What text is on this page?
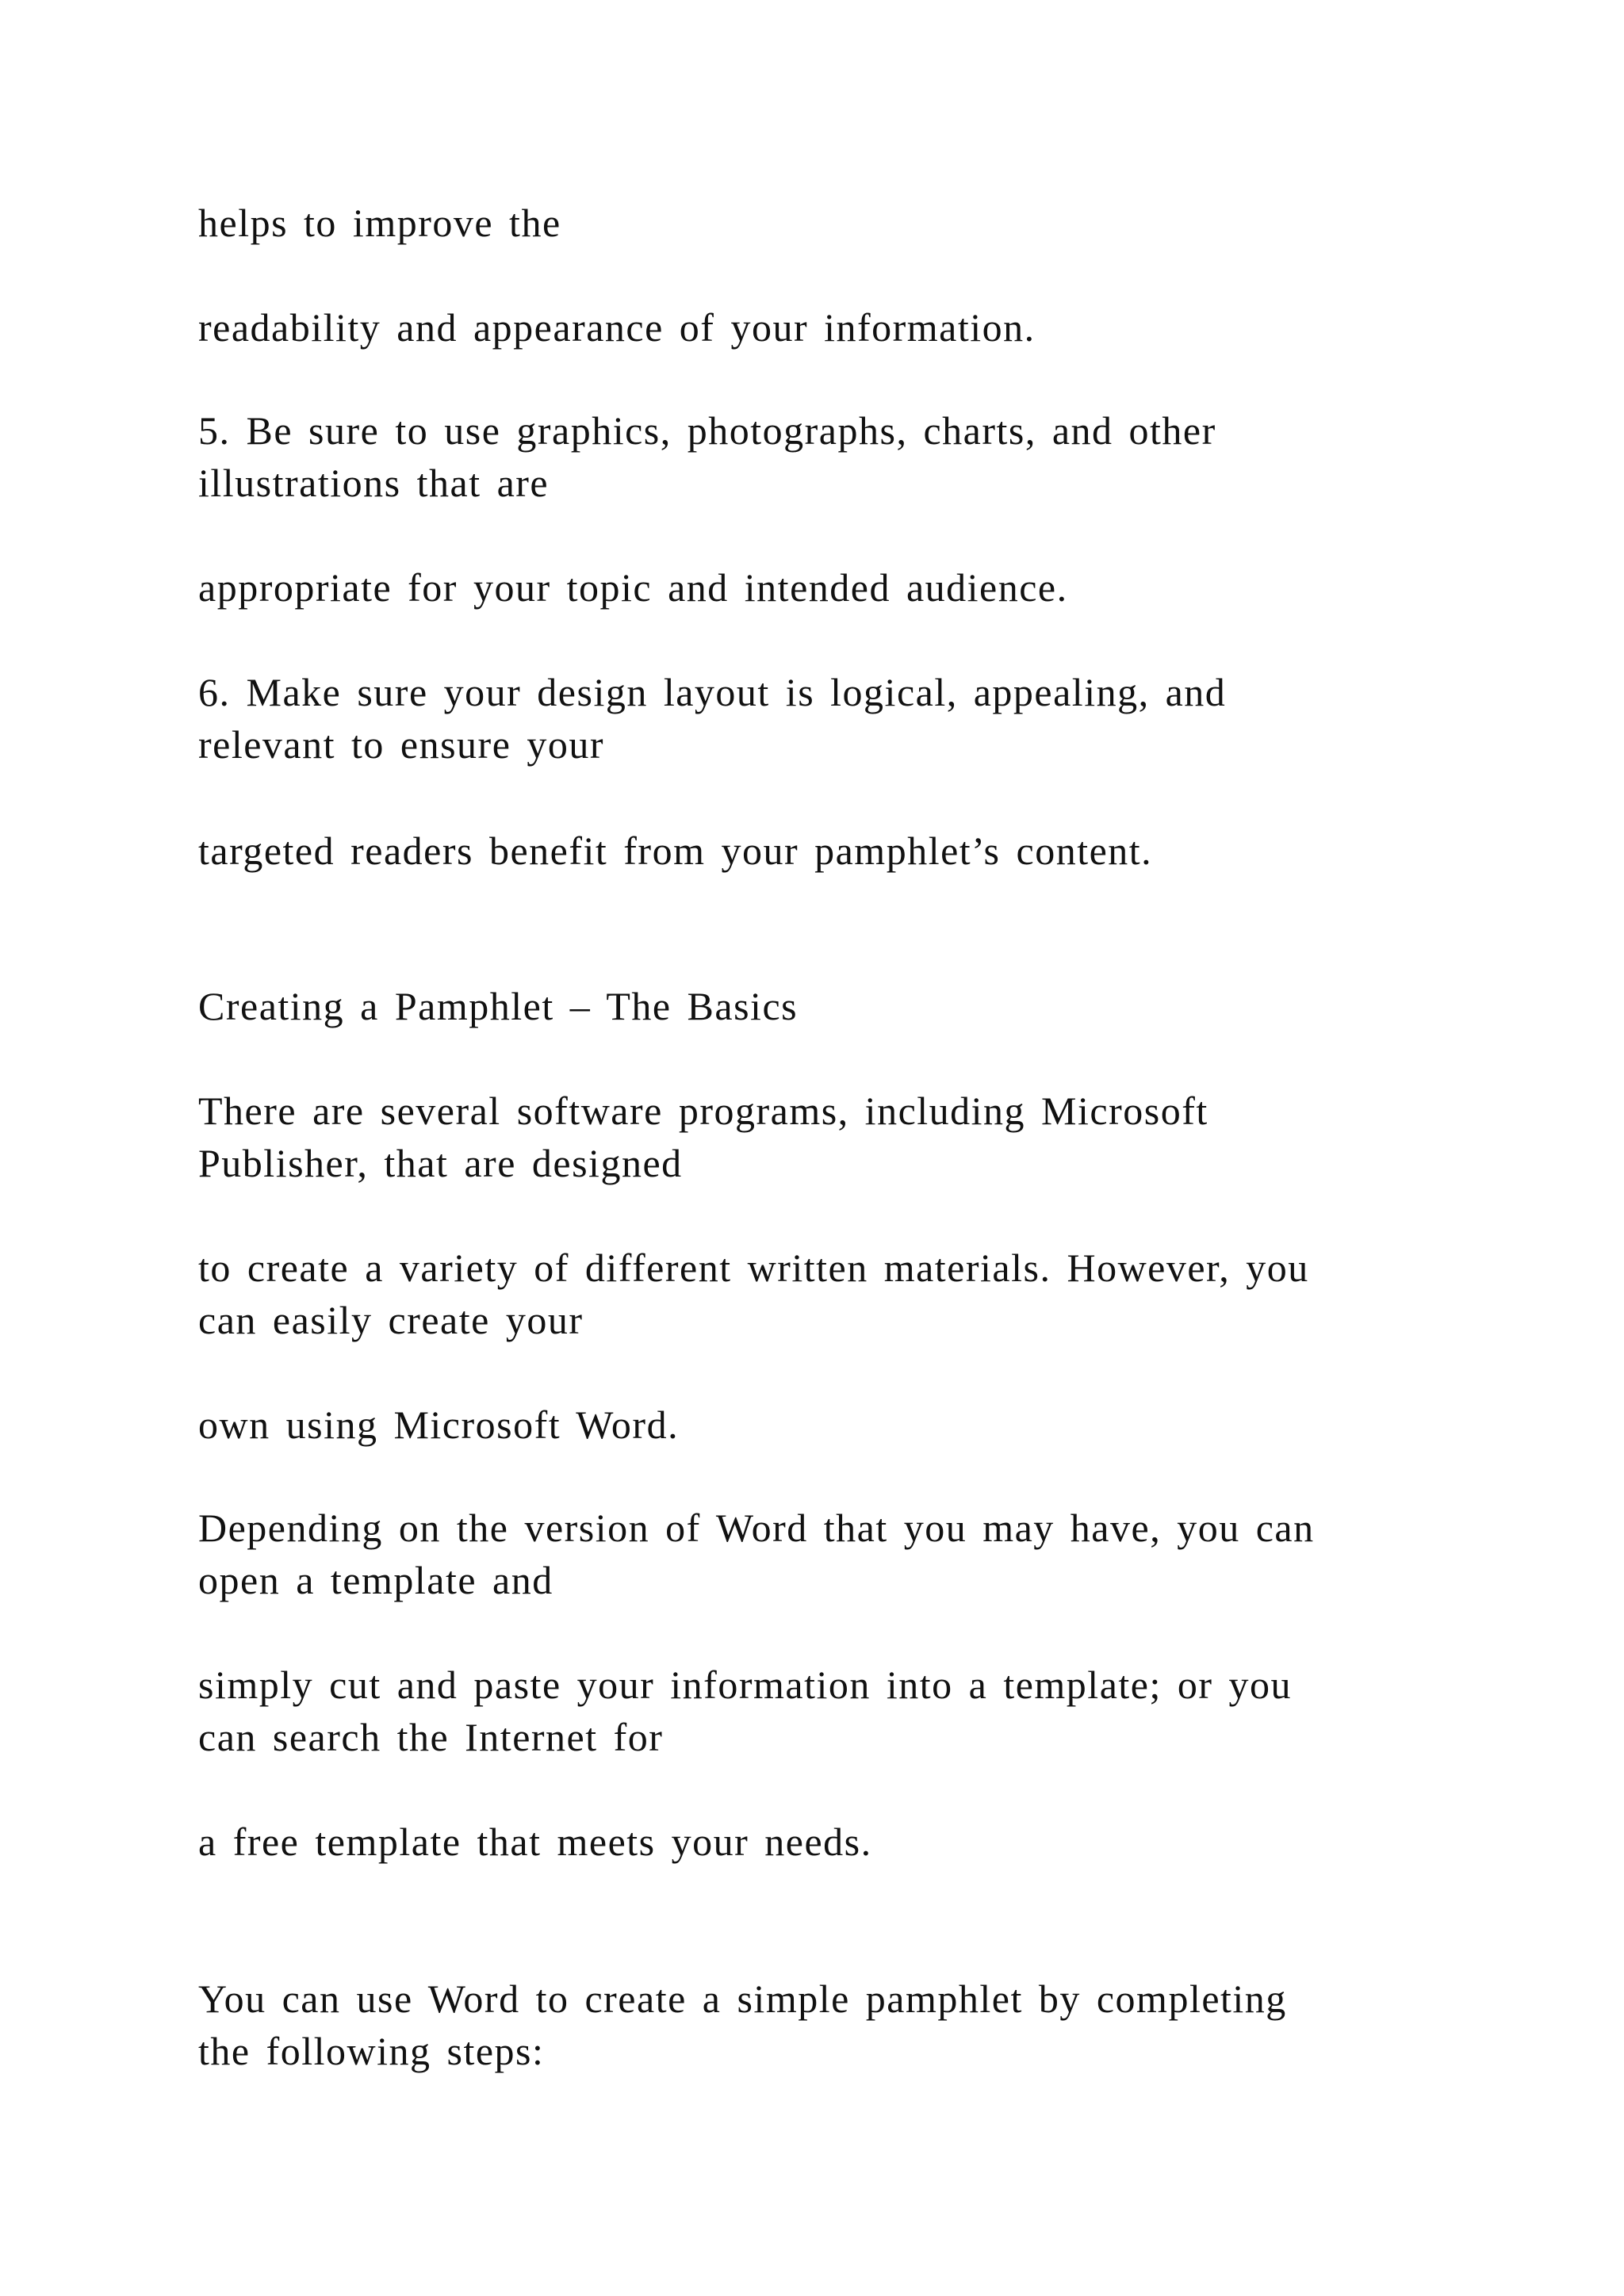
helps to improve the

readability and appearance of your information.

5. Be sure to use graphics, photographs, charts, and other
illustrations that are

appropriate for your topic and intended audience.

6. Make sure your design layout is logical, appealing, and
relevant to ensure your

targeted readers benefit from your pamphlet’s content.

Creating a Pamphlet – The Basics

There are several software programs, including Microsoft
Publisher, that are designed

to create a variety of different written materials. However, you
can easily create your

own using Microsoft Word.

Depending on the version of Word that you may have, you can
open a template and

simply cut and paste your information into a template; or you
can search the Internet for

a free template that meets your needs.

You can use Word to create a simple pamphlet by completing
the following steps:
